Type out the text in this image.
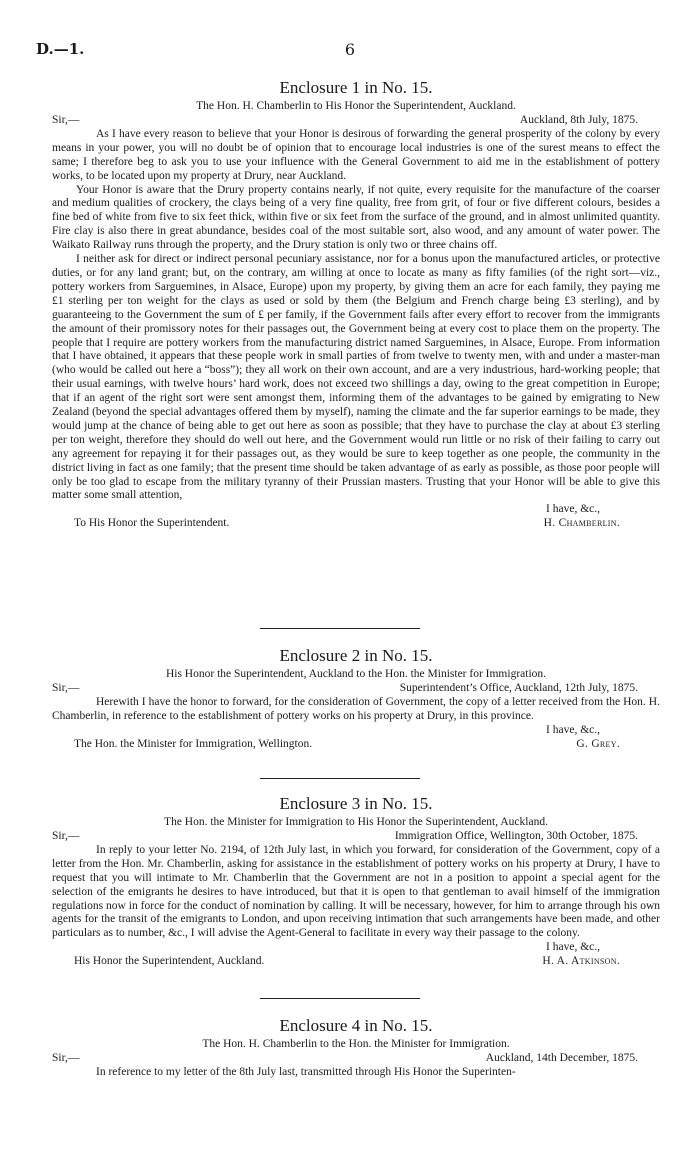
D.—1.	6
Enclosure 1 in No. 15.
The Hon. H. Chamberlin to His Honor the Superintendent, Auckland.
Sir,—	Auckland, 8th July, 1875.

As I have every reason to believe that your Honor is desirous of forwarding the general prosperity of the colony by every means in your power, you will no doubt be of opinion that to encourage local industries is one of the surest means to effect the same; I therefore beg to ask you to use your influence with the General Government to aid me in the establishment of pottery works, to be located upon my property at Drury, near Auckland.

Your Honor is aware that the Drury property contains nearly, if not quite, every requisite for the manufacture of the coarser and medium qualities of crockery, the clays being of a very fine quality, free from grit, of four or five different colours, besides a fine bed of white from five to six feet thick, within five or six feet from the surface of the ground, and in almost unlimited quantity. Fire clay is also there in great abundance, besides coal of the most suitable sort, also wood, and any amount of water power. The Waikato Railway runs through the property, and the Drury station is only two or three chains off.

I neither ask for direct or indirect personal pecuniary assistance, nor for a bonus upon the manufactured articles, or protective duties, or for any land grant; but, on the contrary, am willing at once to locate as many as fifty families (of the right sort—viz., pottery workers from Sarguemines, in Alsace, Europe) upon my property, by giving them an acre for each family, they paying me £1 sterling per ton weight for the clays as used or sold by them (the Belgium and French charge being £3 sterling), and by guaranteeing to the Government the sum of £ per family, if the Government fails after every effort to recover from the immigrants the amount of their promissory notes for their passages out, the Government being at every cost to place them on the property. The people that I require are pottery workers from the manufacturing district named Sarguemines, in Alsace, Europe. From information that I have obtained, it appears that these people work in small parties of from twelve to twenty men, with and under a master-man (who would be called out here a “boss”); they all work on their own account, and are a very industrious, hard-working people; that their usual earnings, with twelve hours’ hard work, does not exceed two shillings a day, owing to the great competition in Europe; that if an agent of the right sort were sent amongst them, informing them of the advantages to be gained by emigrating to New Zealand (beyond the special advantages offered them by myself), naming the climate and the far superior earnings to be made, they would jump at the chance of being able to get out here as soon as possible; that they have to purchase the clay at about £3 sterling per ton weight, therefore they should do well out here, and the Government would run little or no risk of their failing to carry out any agreement for repaying it for their passages out, as they would be sure to keep together as one people, the community in the district living in fact as one family; that the present time should be taken advantage of as early as possible, as those poor people will only be too glad to escape from the military tyranny of their Prussian masters. Trusting that your Honor will be able to give this matter some small attention,

I have, &c.,
To His Honor the Superintendent.	H. Chamberlin.
Enclosure 2 in No. 15.
His Honor the Superintendent, Auckland to the Hon. the Minister for Immigration.
Sir,—	Superintendent’s Office, Auckland, 12th July, 1875.

Herewith I have the honor to forward, for the consideration of Government, the copy of a letter received from the Hon. H. Chamberlin, in reference to the establishment of pottery works on his property at Drury, in this province.

I have, &c.,
The Hon. the Minister for Immigration, Wellington.	G. Grey.
Enclosure 3 in No. 15.
The Hon. the Minister for Immigration to His Honor the Superintendent, Auckland.
Sir,—	Immigration Office, Wellington, 30th October, 1875.

In reply to your letter No. 2194, of 12th July last, in which you forward, for consideration of the Government, copy of a letter from the Hon. Mr. Chamberlin, asking for assistance in the establishment of pottery works on his property at Drury, I have to request that you will intimate to Mr. Chamberlin that the Government are not in a position to appoint a special agent for the selection of the emigrants he desires to have introduced, but that it is open to that gentleman to avail himself of the immigration regulations now in force for the conduct of nomination by calling. It will be necessary, however, for him to arrange through his own agents for the transit of the emigrants to London, and upon receiving intimation that such arrangements have been made, and other particulars as to number, &c., I will advise the Agent-General to facilitate in every way their passage to the colony.

I have, &c.,
His Honor the Superintendent, Auckland.	H. A. Atkinson.
Enclosure 4 in No. 15.
The Hon. H. Chamberlin to the Hon. the Minister for Immigration.
Sir,—	Auckland, 14th December, 1875.

In reference to my letter of the 8th July last, transmitted through His Honor the Superinten-
